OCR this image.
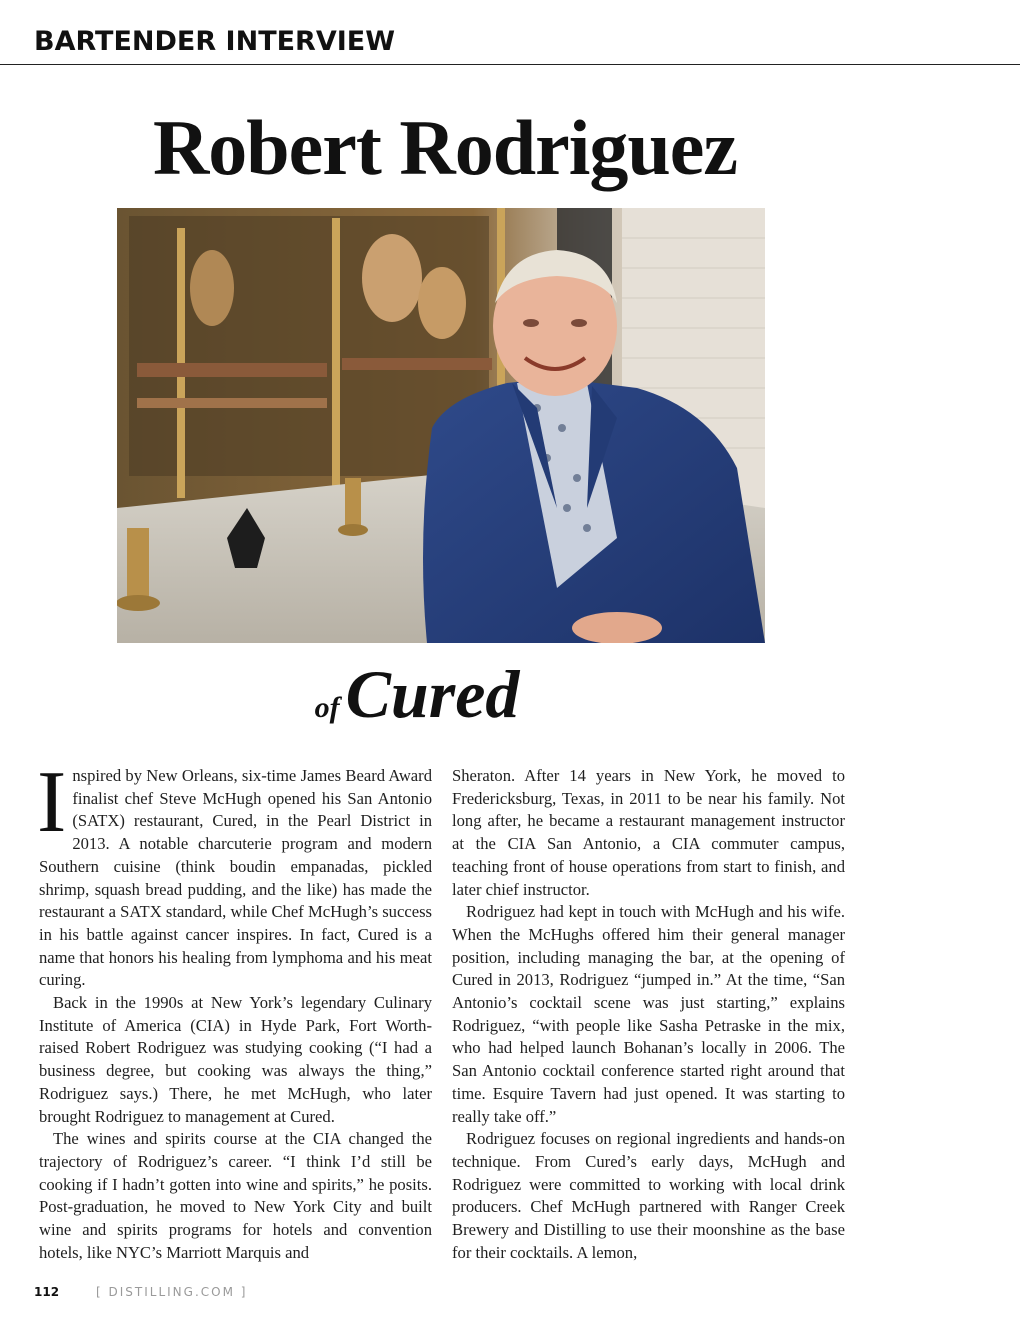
BARTENDER INTERVIEW
Robert Rodriguez
ofCured

Inspired by New Orleans, six-time James Beard Award finalist chef Steve McHugh opened his San Antonio (SATX) restaurant, Cured, in the Pearl District in 2013. A notable charcuterie program and modern Southern cuisine (think boudin empanadas, pickled shrimp, squash bread pudding, and the like) has made the restaurant a SATX standard, while Chef McHugh’s success in his battle against cancer inspires. In fact, Cured is a name that honors his healing from lymphoma and his meat curing.

Back in the 1990s at New York’s legendary Culinary Institute of America (CIA) in Hyde Park, Fort Worth-raised Robert Rodriguez was studying cooking (“I had a business degree, but cooking was always the thing,” Rodriguez says.) There, he met McHugh, who later brought Rodriguez to management at Cured.

The wines and spirits course at the CIA changed the trajectory of Rodriguez’s career. “I think I’d still be cooking if I hadn’t gotten into wine and spirits,” he posits. Post-graduation, he moved to New York City and built wine and spirits programs for hotels and convention hotels, like NYC’s Marriott Marquis and

Sheraton. After 14 years in New York, he moved to Fredericksburg, Texas, in 2011 to be near his family. Not long after, he became a restaurant management instructor at the CIA San Antonio, a CIA commuter campus, teaching front of house operations from start to finish, and later chief instructor.

Rodriguez had kept in touch with McHugh and his wife. When the McHughs offered him their general manager position, including managing the bar, at the opening of Cured in 2013, Rodriguez “jumped in.” At the time, “San Antonio’s cocktail scene was just starting,” explains Rodriguez, “with people like Sasha Petraske in the mix, who had helped launch Bohanan’s locally in 2006. The San Antonio cocktail conference started right around that time. Esquire Tavern had just opened. It was starting to really take off.”

Rodriguez focuses on regional ingredients and hands-on technique. From Cured’s early days, McHugh and Rodriguez were committed to working with local drink producers. Chef McHugh partnered with Ranger Creek Brewery and Distilling to use their moonshine as the base for their cocktails. A lemon,

112	[ DISTILLING.COM ]
